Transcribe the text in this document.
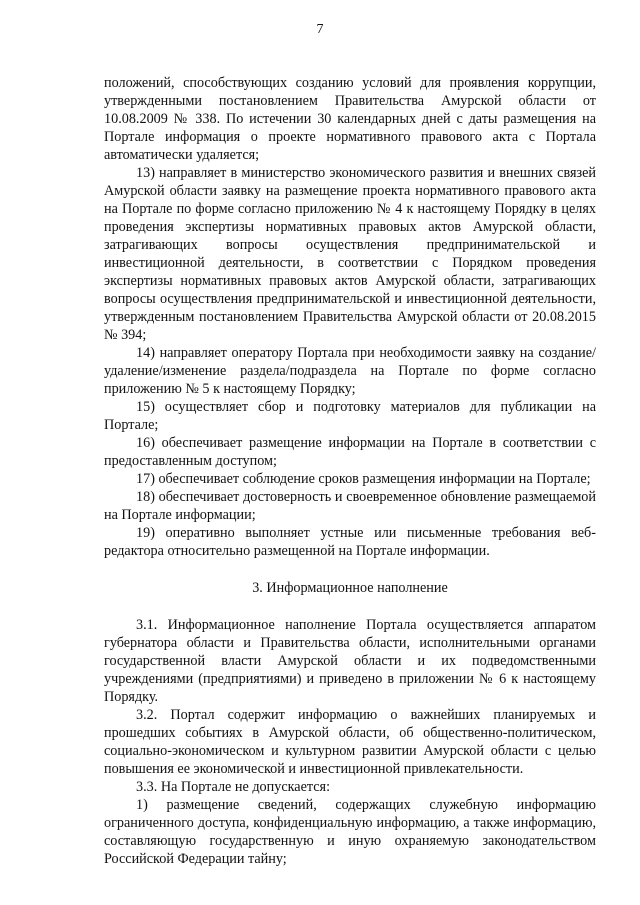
7

положений, способствующих созданию условий для проявления коррупции, утвержденными постановлением Правительства Амурской области от 10.08.2009 № 338. По истечении 30 календарных дней с даты размещения на Портале информация о проекте нормативного правового акта с Портала автоматически удаляется;

13) направляет в министерство экономического развития и внешних связей Амурской области заявку на размещение проекта нормативного правового акта на Портале по форме согласно приложению № 4 к настоящему Порядку в целях проведения экспертизы нормативных правовых актов Амурской области, затрагивающих вопросы осуществления предпринимательской и инвестиционной деятельности, в соответствии с Порядком проведения экспертизы нормативных правовых актов Амурской области, затрагивающих вопросы осуществления предпринимательской и инвестиционной деятельности, утвержденным постановлением Правительства Амурской области от 20.08.2015 № 394;

14) направляет оператору Портала при необходимости заявку на создание/удаление/изменение раздела/подраздела на Портале по форме согласно приложению № 5 к настоящему Порядку;

15) осуществляет сбор и подготовку материалов для публикации на Портале;

16) обеспечивает размещение информации на Портале в соответствии с предоставленным доступом;

17) обеспечивает соблюдение сроков размещения информации на Портале;

18) обеспечивает достоверность и своевременное обновление размещаемой на Портале информации;

19) оперативно выполняет устные или письменные требования веб-редактора относительно размещенной на Портале информации.

3. Информационное наполнение

3.1. Информационное наполнение Портала осуществляется аппаратом губернатора области и Правительства области, исполнительными органами государственной власти Амурской области и их подведомственными учреждениями (предприятиями) и приведено в приложении № 6 к настоящему Порядку.

3.2. Портал содержит информацию о важнейших планируемых и прошедших событиях в Амурской области, об общественно-политическом, социально-экономическом и культурном развитии Амурской области с целью повышения ее экономической и инвестиционной привлекательности.

3.3. На Портале не допускается:

1) размещение сведений, содержащих служебную информацию ограниченного доступа, конфиденциальную информацию, а также информацию, составляющую государственную и иную охраняемую законодательством Российской Федерации тайну;
